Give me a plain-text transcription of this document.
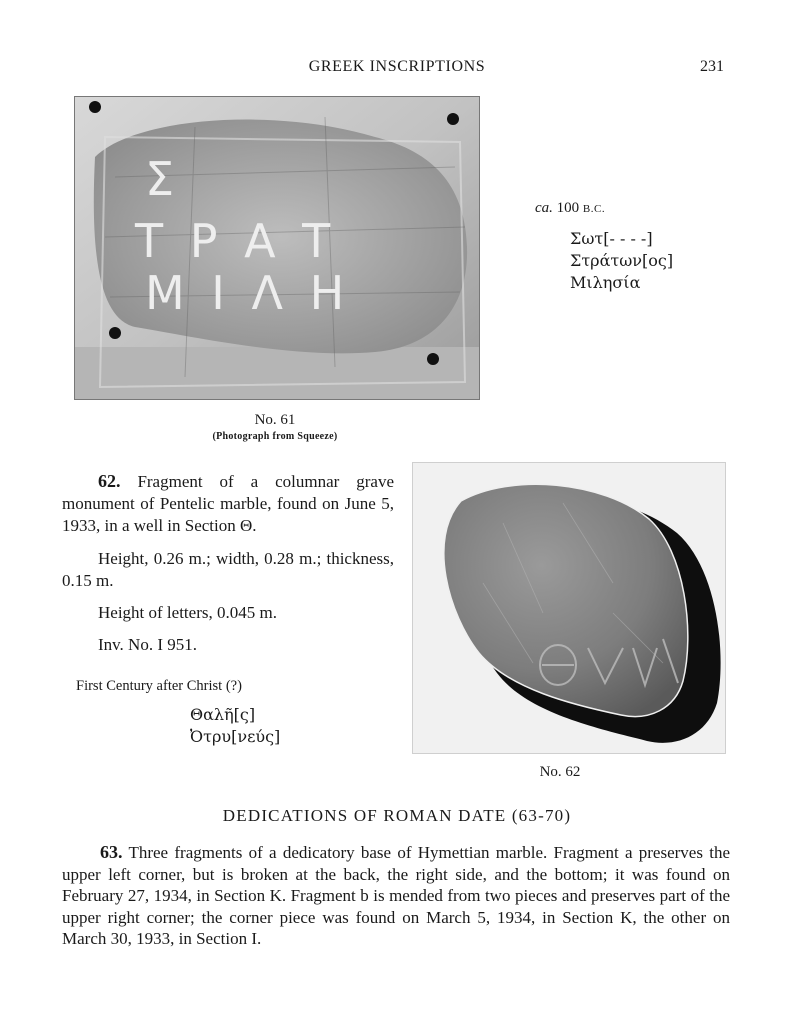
GREEK INSCRIPTIONS	231
Σ
Τ Ρ Α Τ
Μ Ι Λ Η
ca. 100 B.C.
Σωτ[- - - -]
Στράτων[ος]
Μιλησία
No. 61
(Photograph from Squeeze)
62. Fragment of a columnar grave monument of Pentelic marble, found on June 5, 1933, in a well in Section Θ.
Height, 0.26 m.; width, 0.28 m.; thickness, 0.15 m.
Height of letters, 0.045 m.
Inv. No. I 951.
First Century after Christ (?)
Θαλῆ[ς]
Ὀτρυ[νεύς]
No. 62
DEDICATIONS OF ROMAN DATE (63-70)
63. Three fragments of a dedicatory base of Hymettian marble. Fragment a preserves the upper left corner, but is broken at the back, the right side, and the bottom; it was found on February 27, 1934, in Section K. Fragment b is mended from two pieces and preserves part of the upper right corner; the corner piece was found on March 5, 1934, in Section K, the other on March 30, 1933, in Section I.
